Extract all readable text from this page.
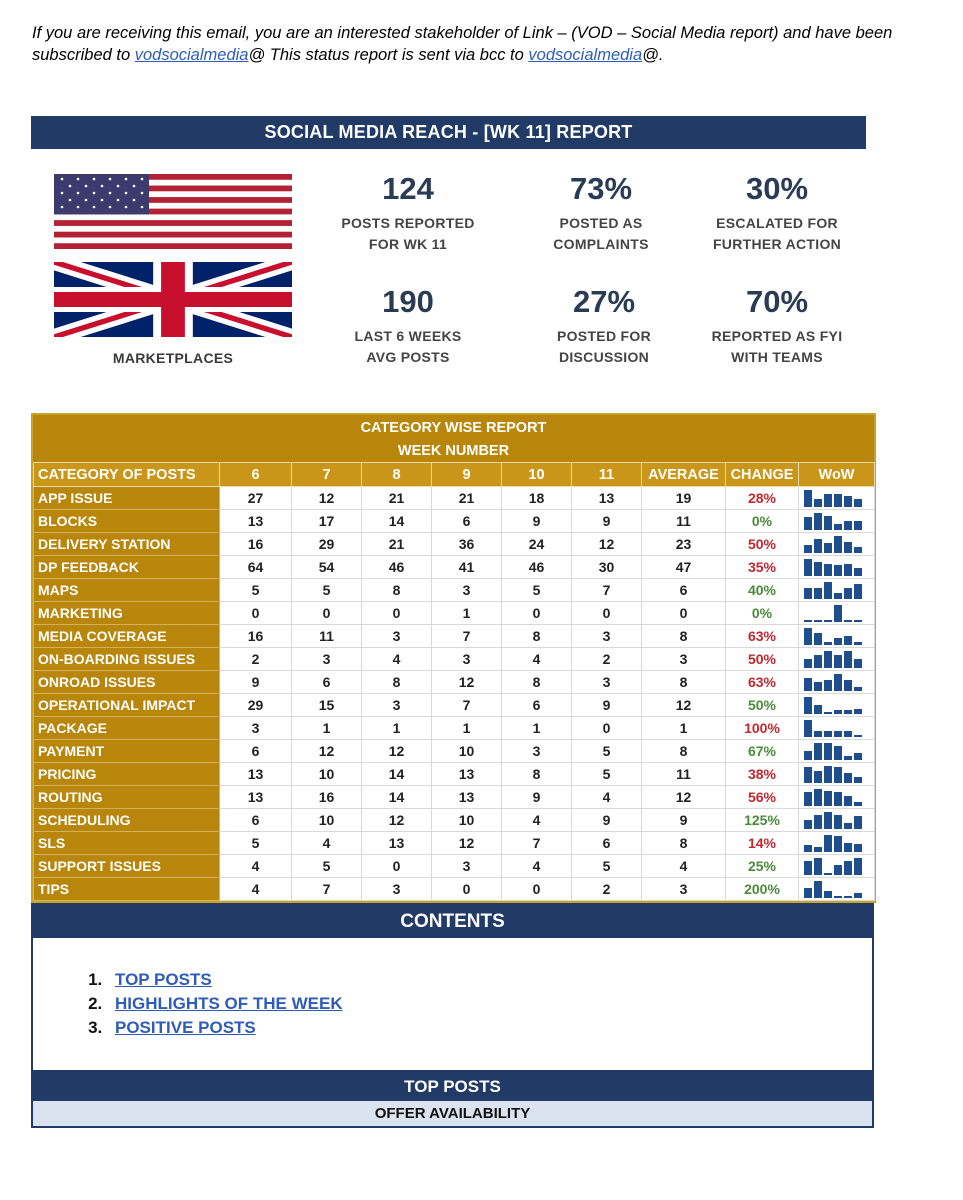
If you are receiving this email, you are an interested stakeholder of Link – (VOD – Social Media report) and have been subscribed to vodsocialmedia@ This status report is sent via bcc to vodsocialmedia@.
SOCIAL MEDIA REACH - [WK 11] REPORT
MARKETPLACES
124
POSTS REPORTED
FOR WK 11
73%
POSTED AS
COMPLAINTS
30%
ESCALATED FOR
FURTHER ACTION
190
LAST 6 WEEKS
AVG POSTS
27%
POSTED FOR
DISCUSSION
70%
REPORTED AS FYI
WITH TEAMS
CATEGORY WISE REPORT
WEEK NUMBER
CATEGORY OF POSTS	6	7	8	9	10	11	AVERAGE	CHANGE	WoW
APP ISSUE	27	12	21	21	18	13	19	28%	

BLOCKS	13	17	14	6	9	9	11	0%	

DELIVERY STATION	16	29	21	36	24	12	23	50%	

DP FEEDBACK	64	54	46	41	46	30	47	35%	

MAPS	5	5	8	3	5	7	6	40%	

MARKETING	0	0	0	1	0	0	0	0%	

MEDIA COVERAGE	16	11	3	7	8	3	8	63%	

ON-BOARDING ISSUES	2	3	4	3	4	2	3	50%	

ONROAD ISSUES	9	6	8	12	8	3	8	63%	

OPERATIONAL IMPACT	29	15	3	7	6	9	12	50%	

PACKAGE	3	1	1	1	1	0	1	100%	

PAYMENT	6	12	12	10	3	5	8	67%	

PRICING	13	10	14	13	8	5	11	38%	

ROUTING	13	16	14	13	9	4	12	56%	

SCHEDULING	6	10	12	10	4	9	9	125%	

SLS	5	4	13	12	7	6	8	14%	

SUPPORT ISSUES	4	5	0	3	4	5	4	25%	

TIPS	4	7	3	0	0	2	3	200%	
CONTENTS
1. TOP POSTS
2. HIGHLIGHTS OF THE WEEK
3. POSITIVE POSTS
TOP POSTS
OFFER AVAILABILITY
